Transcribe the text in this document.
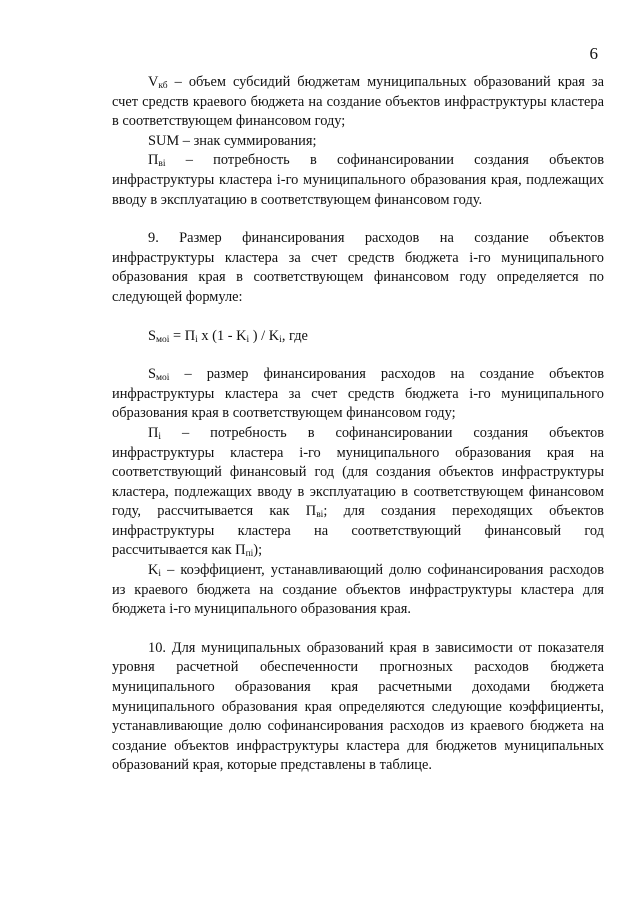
6

$V_{кб}$ – объем субсидий бюджетам муниципальных образований края за счет средств краевого бюджета на создание объектов инфраструктуры кластера в соответствующем финансовом году;

SUM – знак суммирования;

$П_{вi}$ – потребность в софинансировании создания объектов инфраструктуры кластера i-го муниципального образования края, подлежащих вводу в эксплуатацию в соответствующем финансовом году.

9. Размер финансирования расходов на создание объектов инфраструктуры кластера за счет средств бюджета i-го муниципального образования края в соответствующем финансовом году определяется по следующей формуле:

$S_{мoi} = П_i$ х ($1 - K_i$ ) / $K_i$, где

$S_{мoi}$ – размер финансирования расходов на создание объектов инфраструктуры кластера за счет средств бюджета i-го муниципального образования края в соответствующем финансовом году;

$П_i$ – потребность в софинансировании создания объектов инфраструктуры кластера i-го муниципального образования края на соответствующий финансовый год (для создания объектов инфраструктуры кластера, подлежащих вводу в эксплуатацию в соответствующем финансовом году, рассчитывается как $П_{вi}$; для создания переходящих объектов инфраструктуры кластера на соответствующий финансовый год рассчитывается как $П_{пi}$);

$K_i$ – коэффициент, устанавливающий долю софинансирования расходов из краевого бюджета на создание объектов инфраструктуры кластера для бюджета i-го муниципального образования края.

10. Для муниципальных образований края в зависимости от показателя уровня расчетной обеспеченности прогнозных расходов бюджета муниципального образования края расчетными доходами бюджета муниципального образования края определяются следующие коэффициенты, устанавливающие долю софинансирования расходов из краевого бюджета на создание объектов инфраструктуры кластера для бюджетов муниципальных образований края, которые представлены в таблице.
